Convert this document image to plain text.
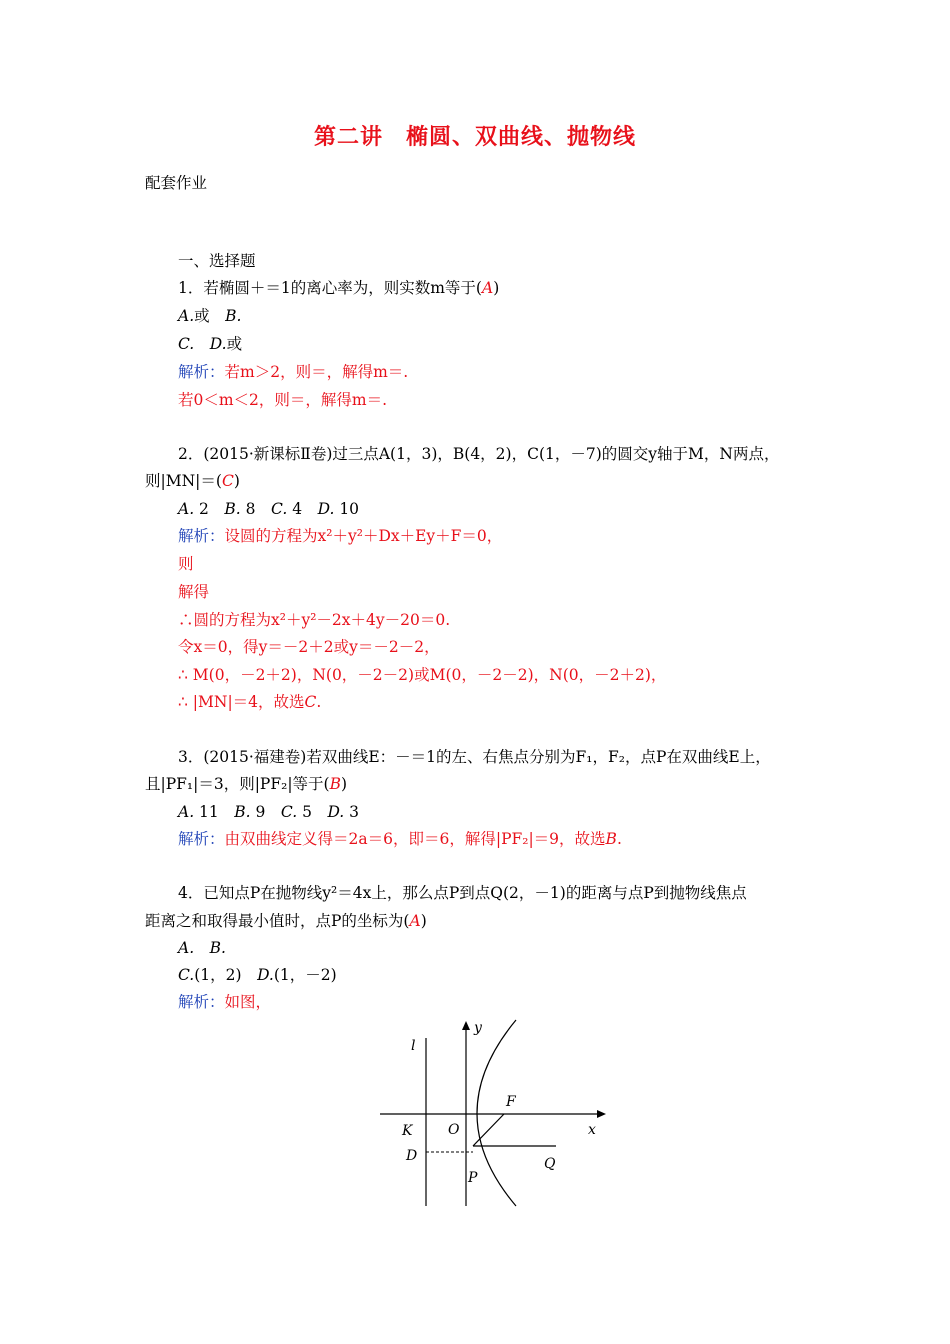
第二讲　椭圆、双曲线、抛物线
配套作业
一、选择题
1．若椭圆＋＝1的离心率为，则实数m等于(A)
A.或　B.
C.　 D.或
解析：若m＞2，则＝，解得m＝.
若0＜m＜2，则＝，解得m＝.
2．(2015·新课标Ⅱ卷)过三点A(1，3)，B(4，2)，C(1，－7)的圆交y轴于M，N两点，
则|MN|＝(C)
A. 2　B. 8　C. 4　D. 10
解析：设圆的方程为x²＋y²＋Dx＋Ey＋F＝0，
则
解得
∴圆的方程为x²＋y²－2x＋4y－20＝0.
令x＝0，得y＝－2＋2或y＝－2－2，
∴ M(0，－2＋2)，N(0，－2－2)或M(0，－2－2)，N(0，－2＋2)，
∴ |MN|＝4，故选C.
3．(2015·福建卷)若双曲线E：－＝1的左、右焦点分别为F₁，F₂，点P在双曲线E上，
且|PF₁|＝3，则|PF₂|等于(B)
A. 11　B. 9　C. 5　D. 3
解析：由双曲线定义得＝2a＝6，即＝6，解得|PF₂|＝9，故选B.
4．已知点P在抛物线y²＝4x上，那么点P到点Q(2，－1)的距离与点P到抛物线焦点
距离之和取得最小值时，点P的坐标为(A)
A.　 B.
C.(1，2)　D.(1，－2)
解析：如图，
l
y
x
F
K	O
D
P
Q
